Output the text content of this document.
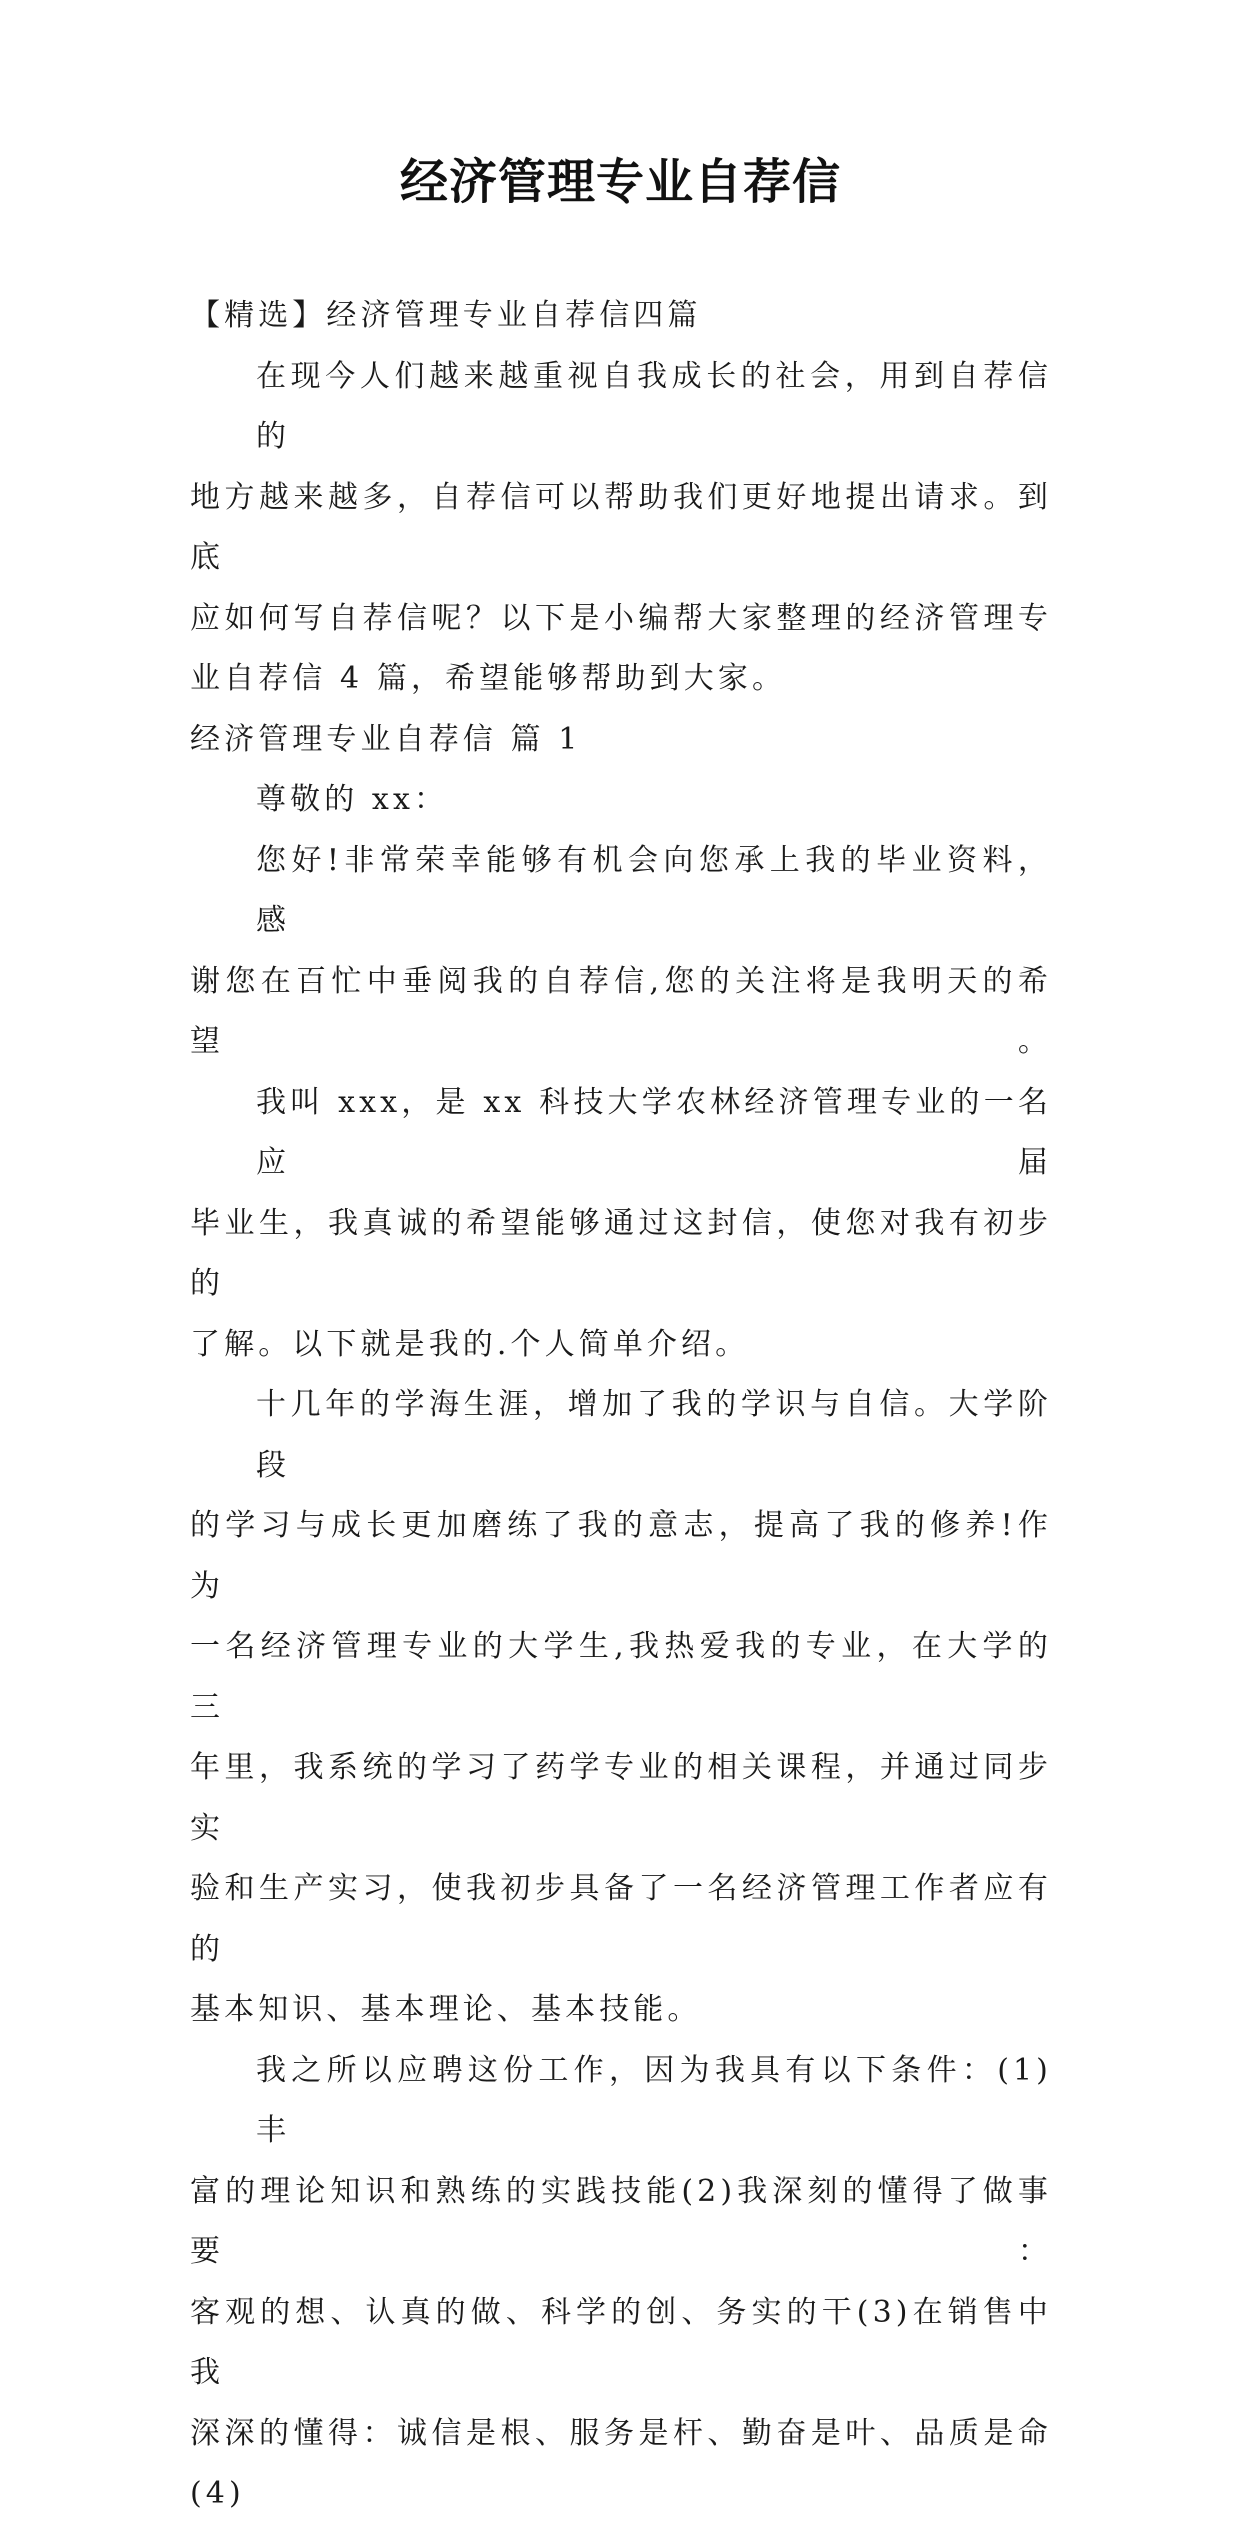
经济管理专业自荐信

【精选】经济管理专业自荐信四篇

在现今人们越来越重视自我成长的社会，用到自荐信的

地方越来越多，自荐信可以帮助我们更好地提出请求。到底

应如何写自荐信呢？以下是小编帮大家整理的经济管理专

业自荐信 4 篇，希望能够帮助到大家。

经济管理专业自荐信 篇 1

尊敬的 xx：

您好!非常荣幸能够有机会向您承上我的毕业资料，感

谢您在百忙中垂阅我的自荐信,您的关注将是我明天的希望。

我叫 xxx，是 xx 科技大学农林经济管理专业的一名应届

毕业生，我真诚的希望能够通过这封信，使您对我有初步的

了解。以下就是我的.个人简单介绍。

十几年的学海生涯，增加了我的学识与自信。大学阶段

的学习与成长更加磨练了我的意志，提高了我的修养!作为

一名经济管理专业的大学生,我热爱我的专业，在大学的三

年里，我系统的学习了药学专业的相关课程，并通过同步实

验和生产实习，使我初步具备了一名经济管理工作者应有的

基本知识、基本理论、基本技能。

我之所以应聘这份工作，因为我具有以下条件：(1)丰

富的理论知识和熟练的实践技能(2)我深刻的懂得了做事要：

客观的想、认真的做、科学的创、务实的干(3)在销售中我

深深的懂得：诚信是根、服务是杆、勤奋是叶、品质是命(4)
